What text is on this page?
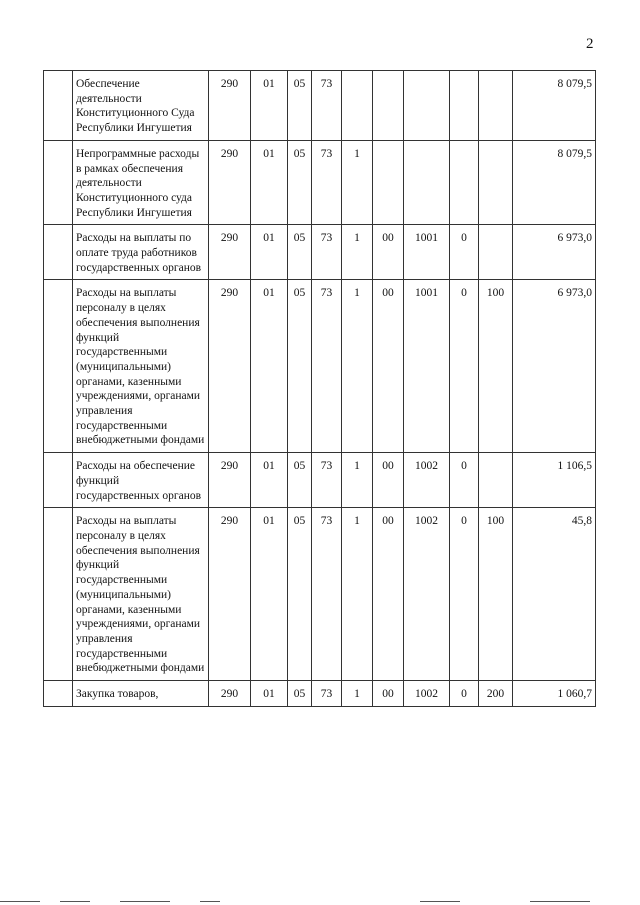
2
	Обеспечение деятельности Конституционного Суда Республики Ингушетия	290	01	05	73						8 079,5
	Непрограммные расходы в рамках обеспечения деятельности Конституционного суда Республики Ингушетия	290	01	05	73	1					8 079,5
	Расходы на выплаты по оплате труда работников государственных органов	290	01	05	73	1	00	1001	0		6 973,0
	Расходы на выплаты персоналу в целях обеспечения выполнения функций государственными (муниципальными) органами, казенными учреждениями, органами управления государственными внебюджетными фондами	290	01	05	73	1	00	1001	0	100	6 973,0
	Расходы на обеспечение функций государственных органов	290	01	05	73	1	00	1002	0		1 106,5
	Расходы на выплаты персоналу в целях обеспечения выполнения функций государственными (муниципальными) органами, казенными учреждениями, органами управления государственными внебюджетными фондами	290	01	05	73	1	00	1002	0	100	45,8
	Закупка товаров,	290	01	05	73	1	00	1002	0	200	1 060,7
